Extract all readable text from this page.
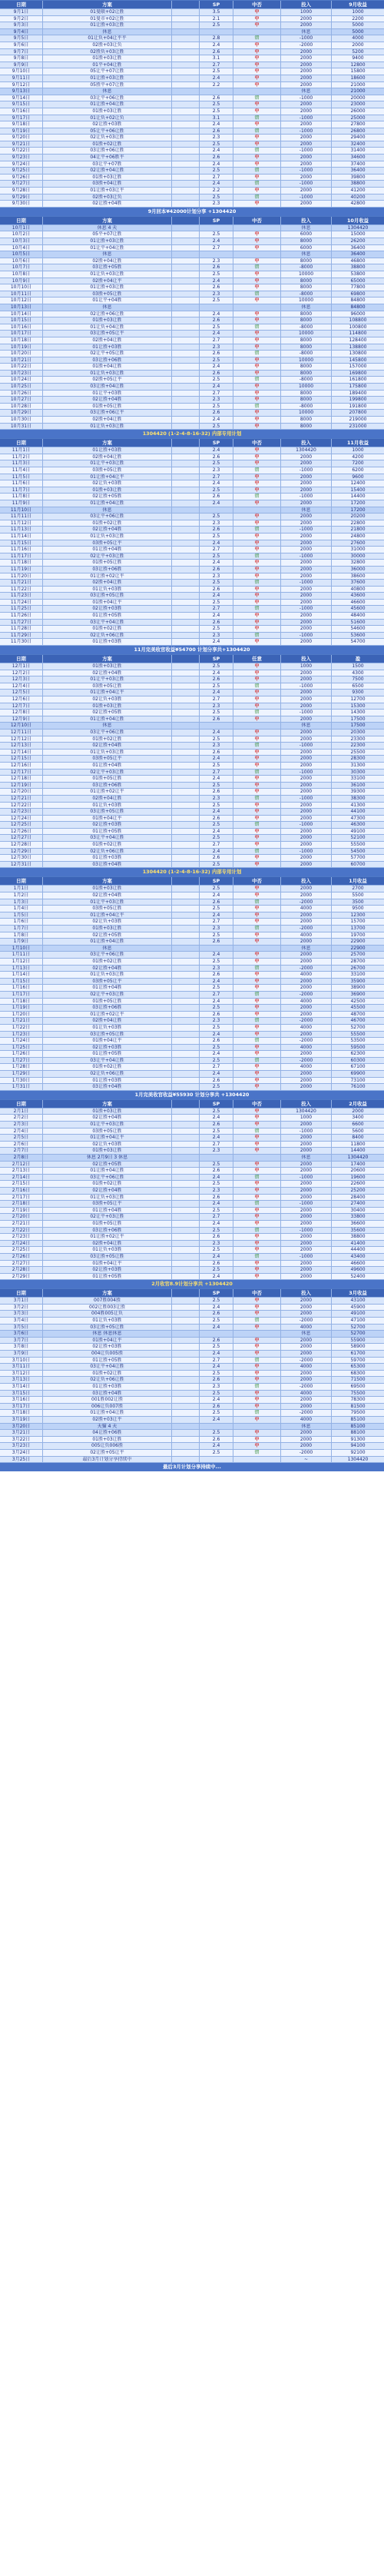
日期	方案	SP	中否	投入	9月收益
9月1日	01曼联+02让胜	3.5	中	1000	1000
9月2日	01曼市+02让胜	2.1	中	2000	2200
9月3日	01让胜+03让胜	2.5	中	2000	5000
9月4日	休息	休息	5000
9月5日	01让负+04让平平	2.8	错	-1000	4000
9月6日	02胜+03让负	2.4	中	-2000	2000
9月7日	02胜负+03让胜	2.6	中	2000	5200
9月8日	01胜+03让胜	3.1	中	2000	9400
9月9日	01平+04让胜	2.7	中	2000	12800
9月10日	05让平+07让胜	2.5	中	2000	15800
9月11日	01让胜+03让胜	2.4	中	2000	18600
9月12日	05胜平+07让胜	2.2	中	2000	21000
9月13日	休息	休息	21000
9月14日	03让平+06让胜	2.6	错	-1000	20000
9月15日	01让胜+04让胜	2.5	中	2000	23000
9月16日	01胜+03让胜	2.5	中	2000	26000
9月17日	01让负+02让负	3.1	错	-1000	25000
9月18日	02让胜+03胜	2.4	中	2000	27800
9月19日	05让平+06让胜	2.6	错	-1000	26800
9月20日	02让负+03让胜	2.3	中	2000	29400
9月21日	01胜+02让胜	2.5	中	2000	32400
9月22日	03让胜+06让胜	2.4	错	-1000	31400
9月23日	04让平+06胜平	2.6	中	2000	34600
9月24日	03让平+07胜	2.4	中	2000	37400
9月25日	02让胜+04让胜	2.5	错	-1000	36400
9月26日	01胜+03让胜	2.7	中	2000	39800
9月27日	03胜+04让胜	2.4	错	-1000	38800
9月28日	01让胜+03让平	2.2	中	2000	41200
9月29日	02胜+03让负	2.5	错	-1000	40200
9月30日	02让胜+04胜	2.3	中	2000	42800
9月回本¥42000计划分享 +1304420
日期	方案	SP	中否	投入	10月收益
10月1日	休息 4 天	休息	1304420
10月2日	05平+07让胜	2.5	中	6000	15000
10月3日	01让胜+03让胜	2.4	中	8000	26200
10月4日	01让平+04让胜	2.7	中	6000	36400
10月5日	休息	休息	36400
10月6日	02胜+04让胜	2.3	中	8000	46800
10月7日	03让胜+05胜	2.6	错	-8000	38800
10月8日	01让负+03让胜	2.5	中	10000	53800
10月9日	02胜+04让平	2.4	中	8000	65000
10月10日	01让胜+03让胜	2.6	中	8000	77800
10月11日	03胜+05让胜	2.3	错	-8000	69800
10月12日	01让平+04胜	2.5	中	10000	84800
10月13日	休息	休息	84800
10月14日	02让胜+06让胜	2.4	中	8000	96000
10月15日	01胜+03让胜	2.6	中	8000	108800
10月16日	01让负+04让胜	2.5	错	-8000	100800
10月17日	03让胜+05让平	2.4	中	10000	114800
10月18日	02胜+04让胜	2.7	中	8000	128400
10月19日	01让胜+03胜	2.3	中	8000	138800
10月20日	02让平+05让胜	2.6	错	-8000	130800
10月21日	03让胜+06胜	2.5	中	10000	145800
10月22日	01胜+04让胜	2.4	中	8000	157000
10月23日	01让负+03让胜	2.6	中	8000	169800
10月24日	02胜+05让平	2.5	错	-8000	161800
10月25日	03让胜+04让胜	2.4	中	10000	175800
10月26日	01让平+03胜	2.7	中	8000	189400
10月27日	02让胜+04胜	2.3	中	8000	199800
10月28日	01胜+05让胜	2.5	错	-8000	191800
10月29日	03让胜+06让平	2.6	中	10000	207800
10月30日	02胜+04让胜	2.4	中	8000	219000
10月31日	01让负+03让胜	2.5	中	8000	231000
1304420 (1-2-4-8-16-32) 内部专用计划
日期	方案	SP	中否	投入	11月收益
11月1日	01让胜+03胜	2.4	中	1304420	1000
11月2日	02胜+04让胜	2.6	中	2000	4200
11月3日	01让平+03让胜	2.5	中	2000	7200
11月4日	03胜+05让胜	2.3	错	-1000	6200
11月5日	01让胜+04让平	2.7	中	2000	9600
11月6日	02让负+03胜	2.4	中	2000	12400
11月7日	01胜+03让胜	2.5	中	2000	15400
11月8日	02让胜+05胜	2.6	错	-1000	14400
11月9日	01让胜+04让胜	2.4	中	2000	17200
11月10日	休息	休息	17200
11月11日	03让平+06让胜	2.5	中	2000	20200
11月12日	01胜+02让胜	2.3	中	2000	22800
11月13日	02让胜+04胜	2.6	错	-1000	21800
11月14日	01让负+03让胜	2.5	中	2000	24800
11月15日	03胜+05让平	2.4	中	2000	27600
11月16日	01让胜+04胜	2.7	中	2000	31000
11月17日	02让平+03让胜	2.5	错	-1000	30000
11月18日	01胜+05让胜	2.4	中	2000	32800
11月19日	03让胜+06胜	2.6	中	2000	36000
11月20日	01让胜+02让平	2.3	中	2000	38600
11月21日	02胜+04让胜	2.5	错	-1000	37600
11月22日	01让负+03胜	2.6	中	2000	40800
11月23日	03让胜+05让胜	2.4	中	2000	43600
11月24日	01胜+04让平	2.5	中	2000	46600
11月25日	02让胜+03胜	2.7	错	-1000	45600
11月26日	01让胜+05胜	2.4	中	2000	48400
11月27日	03让平+04让胜	2.6	中	2000	51600
11月28日	01胜+02让胜	2.5	中	2000	54600
11月29日	02让负+06让胜	2.3	错	-1000	53600
11月30日	01让胜+03胜	2.4	中	2000	54700
11月完美收官收益¥54700 计划分享共+1304420
日期	方案	SP	任意	投入	盈
12月1日	01胜+03让胜	2.5	中	1000	1500
12月2日	02让胜+04胜	2.4	中	2000	4300
12月3日	01让平+03让胜	2.6	中	2000	7500
12月4日	03胜+05让胜	2.5	错	-1000	6500
12月5日	01让胜+04让平	2.4	中	2000	9300
12月6日	02让负+03胜	2.7	中	2000	12700
12月7日	01胜+03让胜	2.3	中	2000	15300
12月8日	02让胜+05胜	2.5	错	-1000	14300
12月9日	01让胜+04让胜	2.6	中	2000	17500
12月10日	休息	休息	17500
12月11日	03让平+06让胜	2.4	中	2000	20300
12月12日	01胜+02让胜	2.5	中	2000	23300
12月13日	02让胜+04胜	2.3	错	-1000	22300
12月14日	01让负+03让胜	2.6	中	2000	25500
12月15日	03胜+05让平	2.4	中	2000	28300
12月16日	01让胜+04胜	2.5	中	2000	31300
12月17日	02让平+03让胜	2.7	错	-1000	30300
12月18日	01胜+05让胜	2.4	中	2000	33100
12月19日	03让胜+06胜	2.5	中	2000	36100
12月20日	01让胜+02让平	2.6	中	2000	39300
12月21日	02胜+04让胜	2.3	错	-1000	38300
12月22日	01让负+03胜	2.5	中	2000	41300
12月23日	03让胜+05让胜	2.4	中	2000	44100
12月24日	01胜+04让平	2.6	中	2000	47300
12月25日	02让胜+03胜	2.5	错	-1000	46300
12月26日	01让胜+05胜	2.4	中	2000	49100
12月27日	03让平+04让胜	2.5	中	2000	52100
12月28日	01胜+02让胜	2.7	中	2000	55500
12月29日	02让负+06让胜	2.4	错	-1000	54500
12月30日	01让胜+03胜	2.6	中	2000	57700
12月31日	03让胜+04胜	2.5	中	2000	60700
1304420 (1-2-4-8-16-32) 内部专用计划
日期	方案	SP	中否	投入	1月收益
1月1日	01胜+03让胜	2.5	中	2000	2700
1月2日	02让胜+04胜	2.4	中	2000	5500
1月3日	01让平+03让胜	2.6	错	-2000	3500
1月4日	03胜+05让胜	2.5	中	4000	9500
1月5日	01让胜+04让平	2.4	中	2000	12300
1月6日	02让负+03胜	2.7	中	2000	15700
1月7日	01胜+03让胜	2.3	错	-2000	13700
1月8日	02让胜+05胜	2.5	中	4000	19700
1月9日	01让胜+04让胜	2.6	中	2000	22900
1月10日	休息	休息	22900
1月11日	03让平+06让胜	2.4	中	2000	25700
1月12日	01胜+02让胜	2.5	中	2000	28700
1月13日	02让胜+04胜	2.3	错	-2000	26700
1月14日	01让负+03让胜	2.6	中	4000	33100
1月15日	03胜+05让平	2.4	中	2000	35900
1月16日	01让胜+04胜	2.5	中	2000	38900
1月17日	02让平+03让胜	2.7	错	-2000	36900
1月18日	01胜+05让胜	2.4	中	4000	42500
1月19日	03让胜+06胜	2.5	中	2000	45500
1月20日	01让胜+02让平	2.6	中	2000	48700
1月21日	02胜+04让胜	2.3	错	-2000	46700
1月22日	01让负+03胜	2.5	中	4000	52700
1月23日	03让胜+05让胜	2.4	中	2000	55500
1月24日	01胜+04让平	2.6	错	-2000	53500
1月25日	02让胜+03胜	2.5	中	4000	59500
1月26日	01让胜+05胜	2.4	中	2000	62300
1月27日	03让平+04让胜	2.5	错	-2000	60300
1月28日	01胜+02让胜	2.7	中	4000	67100
1月29日	02让负+06让胜	2.4	中	2000	69900
1月30日	01让胜+03胜	2.6	中	2000	73100
1月31日	03让胜+04胜	2.5	中	2000	76100
1月完美收官收益¥55930 计划分享共 +1304420
日期	方案	SP	中否	投入	2月收益
2月1日	01胜+03让胜	2.5	中	1304420	2000
2月2日	02让胜+04胜	2.4	中	1000	3400
2月3日	01让平+03让胜	2.6	中	2000	6600
2月4日	03胜+05让胜	2.5	错	-1000	5600
2月5日	01让胜+04让平	2.4	中	2000	8400
2月6日	02让负+03胜	2.7	中	2000	11800
2月7日	01胜+03让胜	2.3	中	2000	14400
2月8日	休息 2月9日 3 休息	休息	1304420
2月12日	02让胜+05胜	2.5	中	2000	17400
2月13日	01让胜+04让胜	2.6	中	2000	20600
2月14日	03让平+06让胜	2.4	错	-1000	19600
2月15日	01胜+02让胜	2.5	中	2000	22600
2月16日	02让胜+04胜	2.3	中	2000	25200
2月17日	01让负+03让胜	2.6	中	2000	28400
2月18日	03胜+05让平	2.4	错	-1000	27400
2月19日	01让胜+04胜	2.5	中	2000	30400
2月20日	02让平+03让胜	2.7	中	2000	33800
2月21日	01胜+05让胜	2.4	中	2000	36600
2月22日	03让胜+06胜	2.5	错	-1000	35600
2月23日	01让胜+02让平	2.6	中	2000	38800
2月24日	02胜+04让胜	2.3	中	2000	41400
2月25日	01让负+03胜	2.5	中	2000	44400
2月26日	03让胜+05让胜	2.4	错	-1000	43400
2月27日	01胜+04让平	2.6	中	2000	46600
2月28日	02让胜+03胜	2.5	中	2000	49600
2月29日	01让胜+05胜	2.4	中	2000	52400
2月收官8.9计划分享共 +1304420
日期	方案	SP	中否	投入	3月收益
3月1日	007胜004胜	2.5	中	2000	43100
3月2日	002让胜003让胜	2.4	中	2000	45900
3月3日	004胜005让负	2.6	中	2000	49100
3月4日	01让负+03胜	2.5	错	-2000	47100
3月5日	03让胜+05让胜	2.4	中	4000	52700
3月6日	休息 休息休息	休息	52700
3月7日	01胜+04让平	2.6	中	2000	55900
3月8日	02让胜+03胜	2.5	中	2000	58900
3月9日	004让负005胜	2.4	中	2000	61700
3月10日	01让胜+05胜	2.7	错	-2000	59700
3月11日	03让平+04让胜	2.4	中	4000	65300
3月12日	01胜+02让胜	2.5	中	2000	68300
3月13日	02让负+06让胜	2.6	中	2000	71500
3月14日	01让胜+03胜	2.3	错	-2000	69500
3月15日	03让胜+04胜	2.5	中	4000	75500
3月16日	001胜002让胜	2.4	中	2000	78300
3月17日	006让负007胜	2.6	中	2000	81500
3月18日	01让胜+04让胜	2.5	错	-2000	79500
3月19日	02胜+03让平	2.4	中	4000	85100
3月20日	天猫 4 天	休息	85100
3月21日	04让胜+06胜	2.5	中	2000	88100
3月22日	01胜+03让胜	2.6	中	2000	91300
3月23日	005让负006胜	2.4	中	2000	94100
3月24日	02让胜+05让平	2.5	错	-2000	92100
3月25日	最后3月计划分享持续中	~	1304420
最后3月计划分享持续中...
